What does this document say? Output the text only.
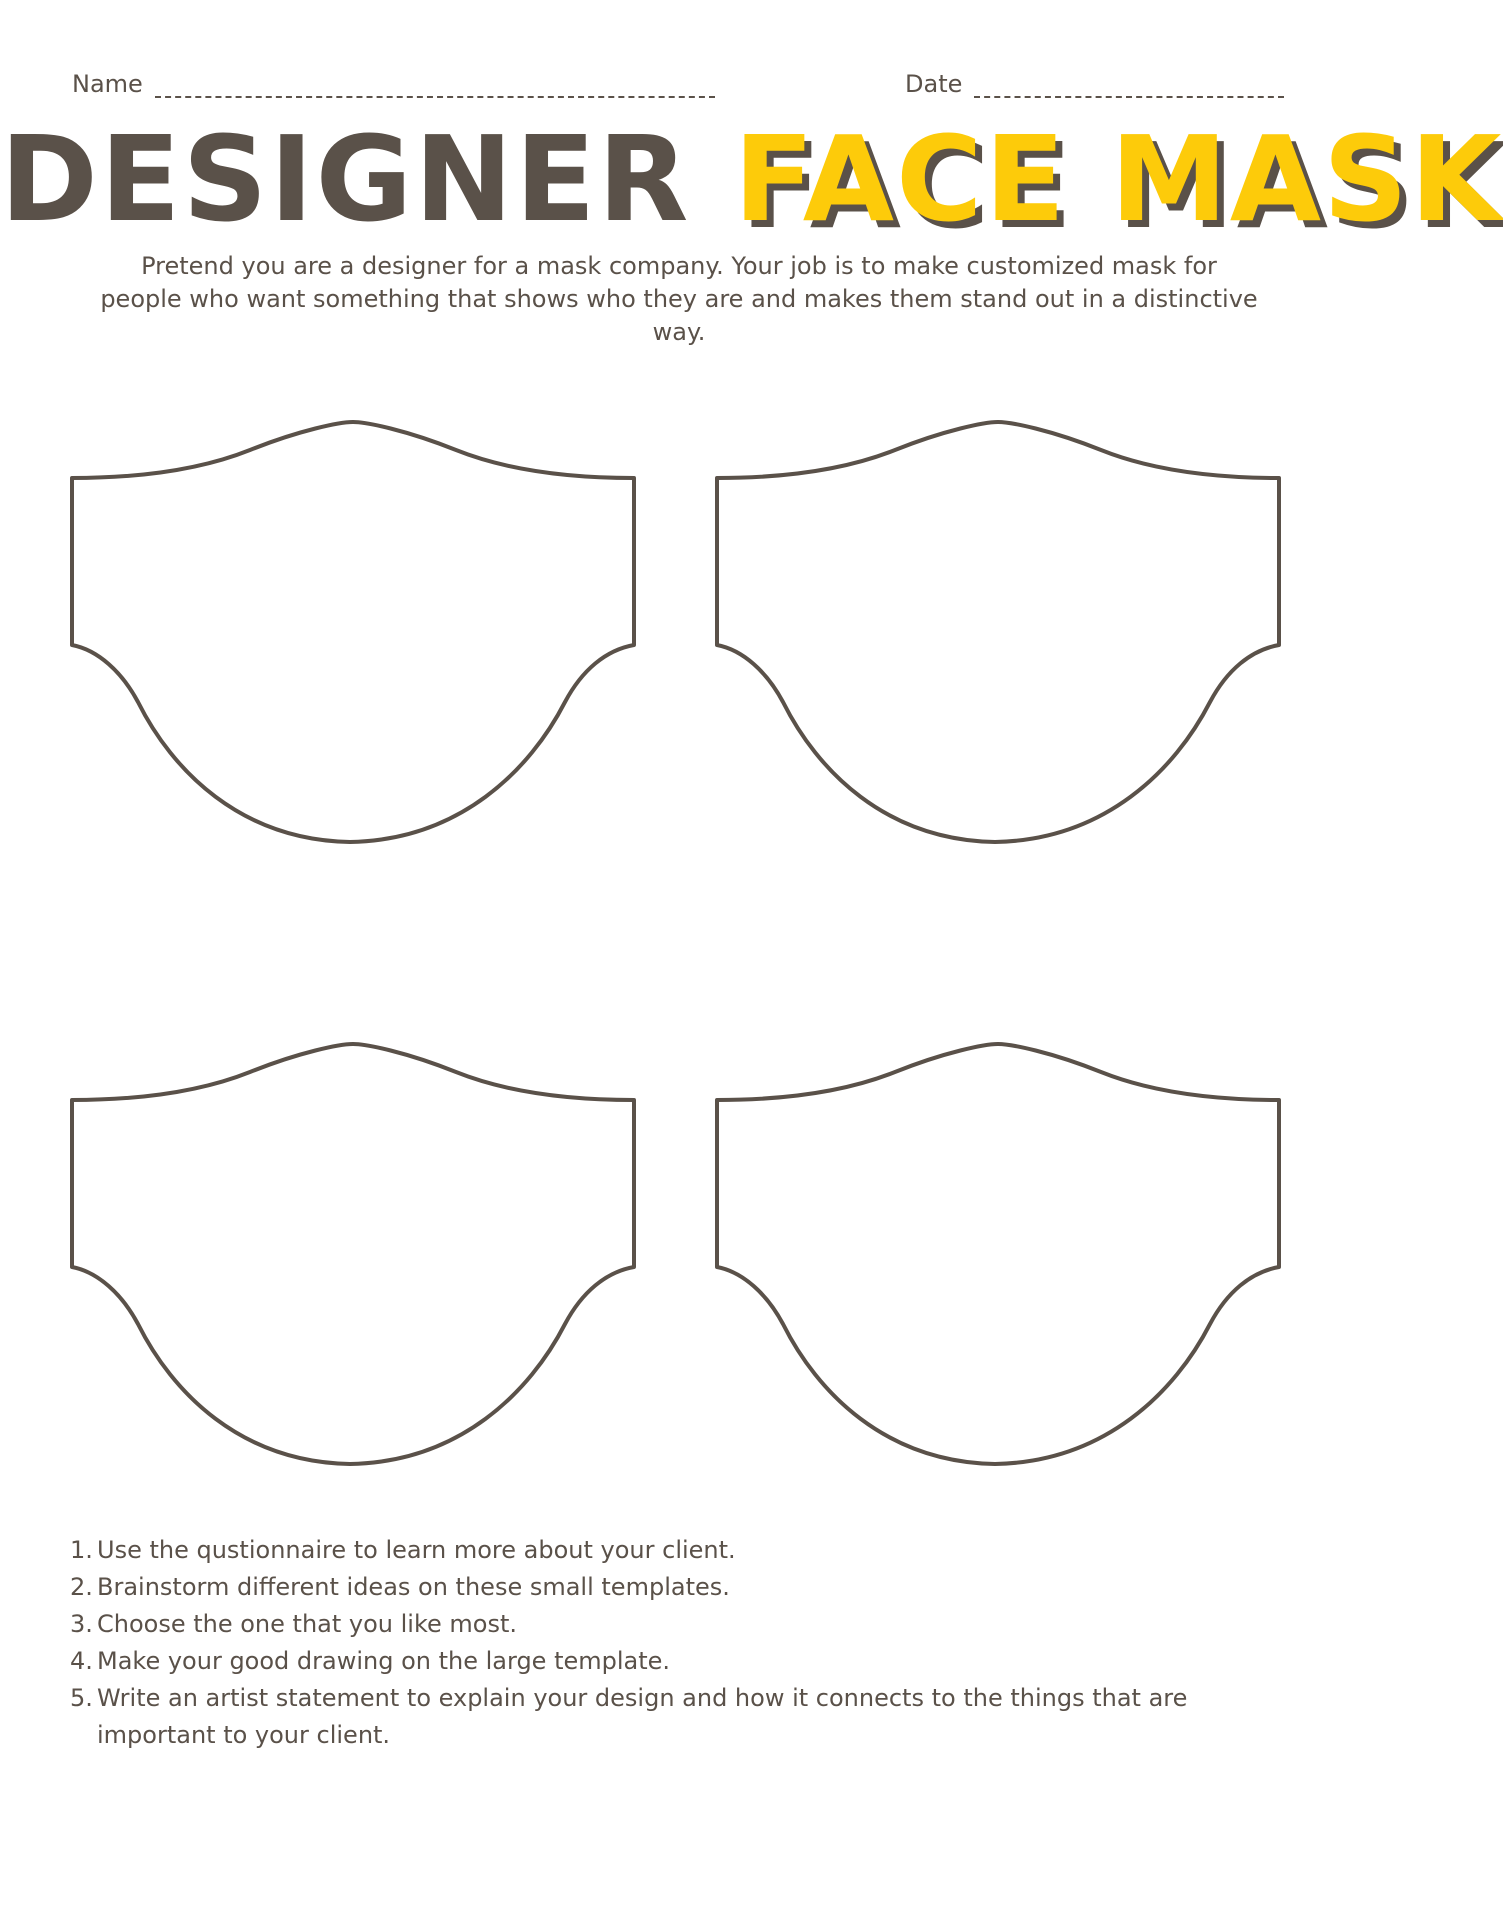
Name	Date
DESIGNER FACE MASK
Pretend you are a designer for a mask company. Your job is to make customized mask for people who want something that shows who they are and makes them stand out in a distinctive way.
1. Use the qustionnaire to learn more about your client.
2. Brainstorm different ideas on these small templates.
3. Choose the one that you like most.
4. Make your good drawing on the large template.
5. Write an artist statement to explain your design and how it connects to the things that are important to your client.
